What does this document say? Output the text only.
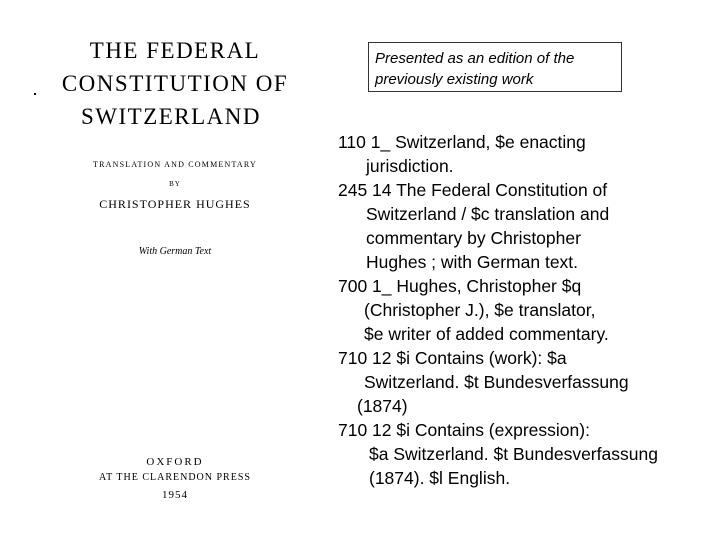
THE FEDERAL
CONSTITUTION OF
SWITZERLAND
TRANSLATION AND COMMENTARY
BY
CHRISTOPHER HUGHES
With German Text
OXFORD
AT THE CLARENDON PRESS
1954
Presented as an edition of the
previously existing work
110 1_ Switzerland, $e enacting
jurisdiction.
245 14 The Federal Constitution of
Switzerland / $c translation and
commentary by Christopher
Hughes ; with German text.
700 1_ Hughes, Christopher $q
(Christopher J.), $e translator,
$e writer of added commentary.
710 12 $i Contains (work): $a
Switzerland. $t Bundesverfassung
(1874)
710 12 $i Contains (expression):
$a Switzerland. $t Bundesverfassung
(1874). $l English.
